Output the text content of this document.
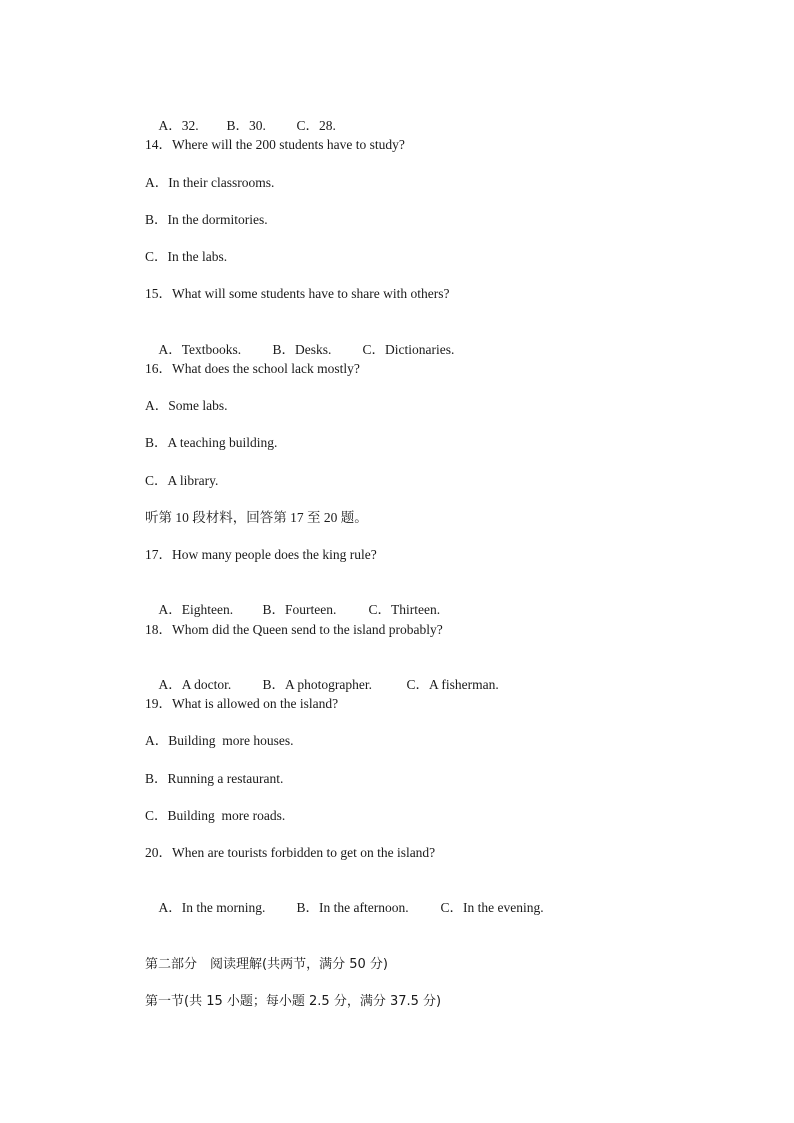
A．32. B．30. C．28.

14．Where will the 200 students have to study?
A．In their classrooms.
B．In the dormitories.
C．In the labs.
15．What will some students have to share with others?

A．Textbooks. B．Desks. C．Dictionaries.

16．What does the school lack mostly?
A．Some labs.
B．A teaching building.
C．A library.
听第 10 段材料，回答第 17 至 20 题。
17．How many people does the king rule?

A．Eighteen. B．Fourteen. C．Thirteen.

18．Whom did the Queen send to the island probably?

A．A doctor. B．A photographer.	C．A fisherman.

19．What is allowed on the island?
A．Building  more houses.
B．Running a restaurant.
C．Building  more roads.
20．When are tourists forbidden to get on the island?

A．In the morning. B．In the afternoon. C．In the evening.

第二部分　阅读理解(共两节，满分 50 分)
第一节(共 15 小题；每小题 2.5 分，满分 37.5 分)
